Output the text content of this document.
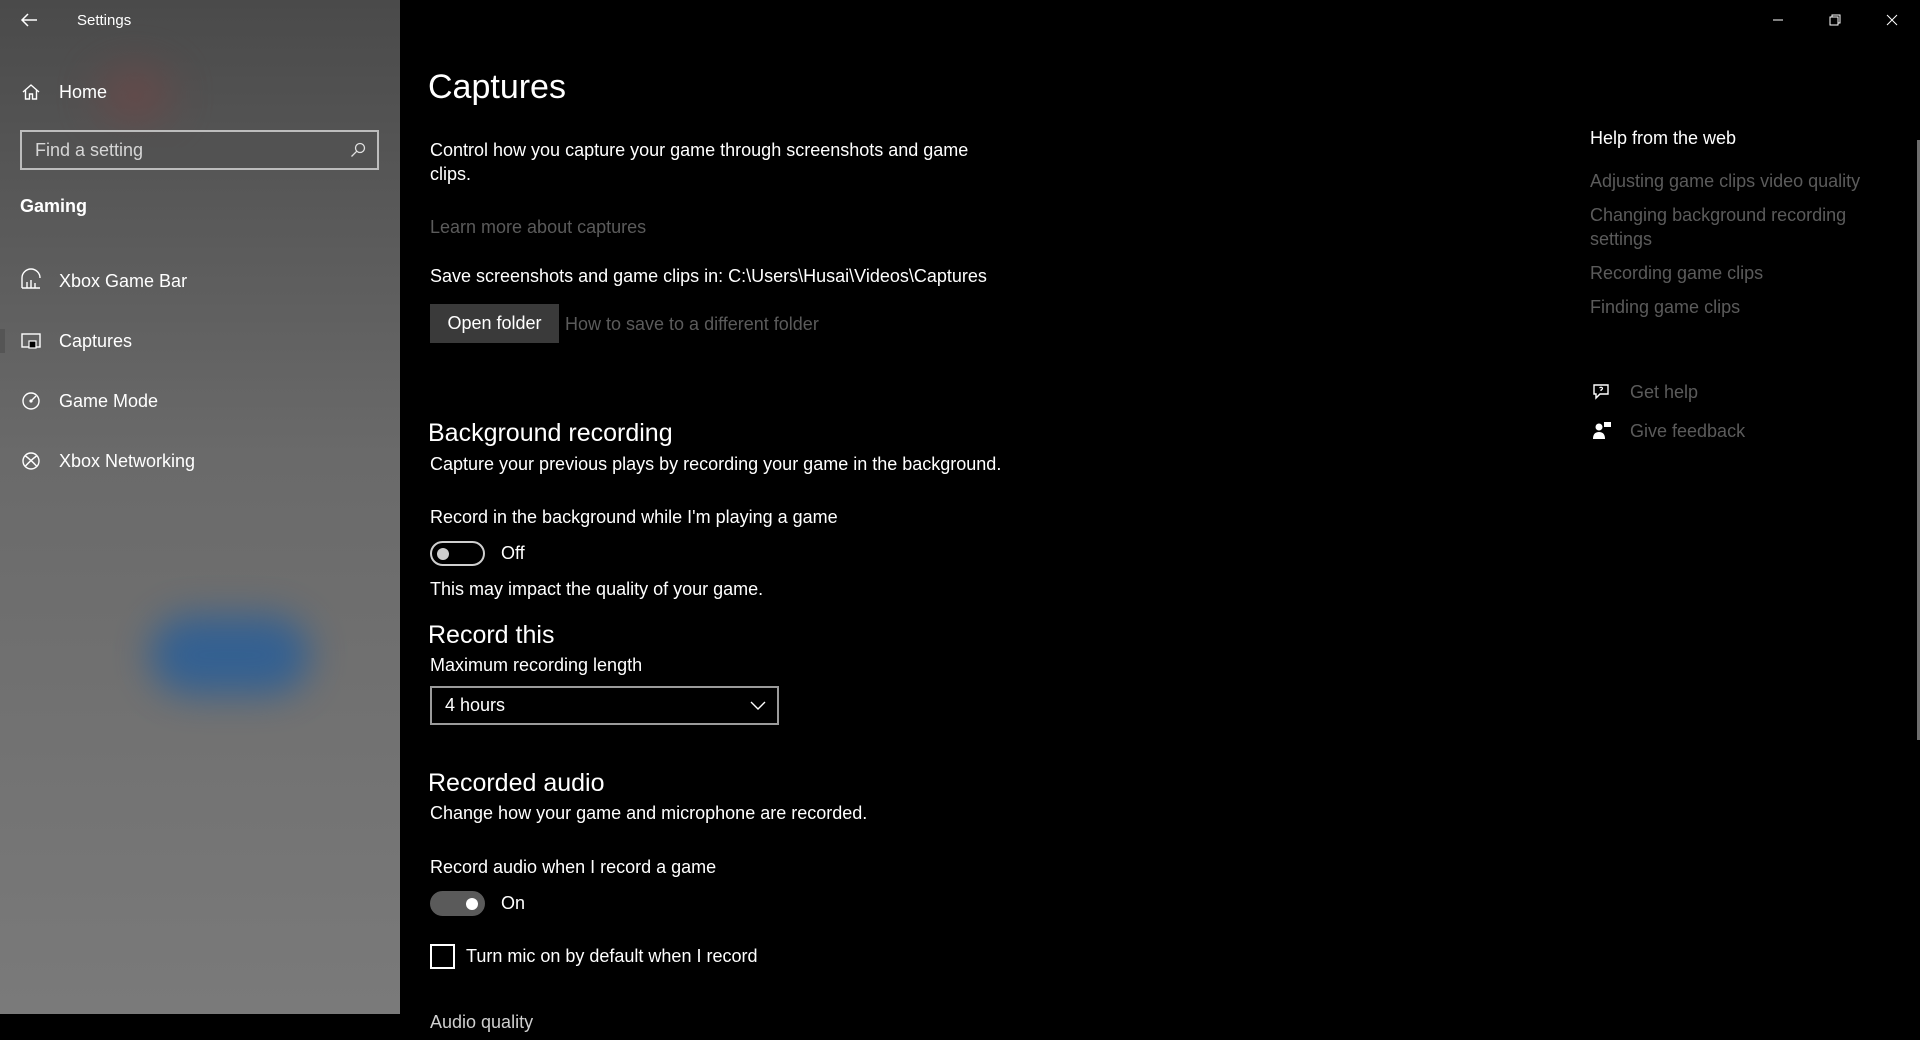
Settings
Home
Find a setting
Gaming
Xbox Game Bar
Captures
Game Mode
Xbox Networking
Captures
Control how you capture your game through screenshots and game clips.
Learn more about captures
Save screenshots and game clips in: C:\Users\Husai\Videos\Captures
Open folder	How to save to a different folder
Background recording
Capture your previous plays by recording your game in the background.
Record in the background while I'm playing a game
Off
This may impact the quality of your game.
Record this
Maximum recording length
4 hours
Recorded audio
Change how your game and microphone are recorded.
Record audio when I record a game
On
Turn mic on by default when I record
Audio quality
Help from the web
Adjusting game clips video quality
Changing background recording settings
Recording game clips
Finding game clips
Get help
Give feedback
